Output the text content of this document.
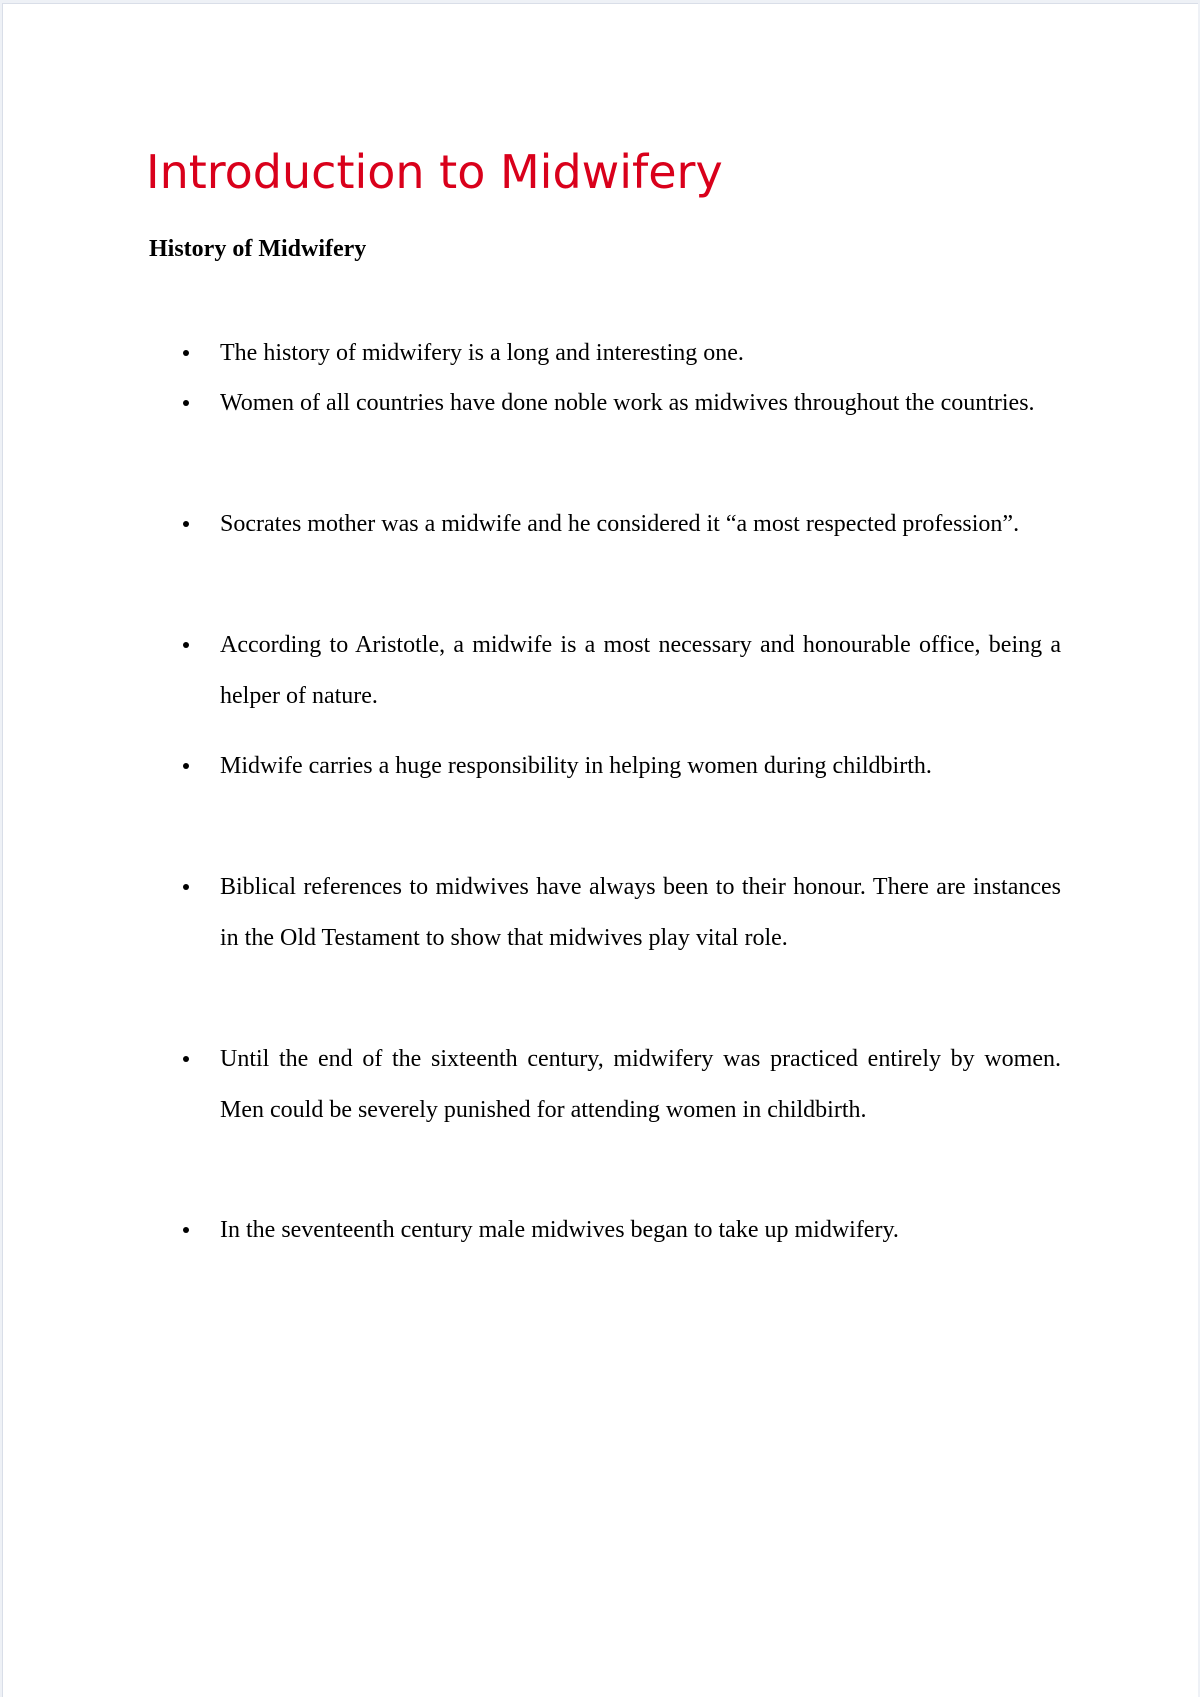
Introduction to Midwifery
History of Midwifery

The history of midwifery is a long and interesting one.

Women of all countries have done noble work as midwives throughout the countries.

Socrates mother was a midwife and he considered it “a most respected profession”.

According to Aristotle, a midwife is a most necessary and honourable office, being a helper of nature.

Midwife carries a huge responsibility in helping women during childbirth.

Biblical references to midwives have always been to their honour. There are instances in the Old Testament to show that midwives play vital role.

Until the end of the sixteenth century, midwifery was practiced entirely by women. Men could be severely punished for attending women in childbirth.

In the seventeenth century male midwives began to take up midwifery.
